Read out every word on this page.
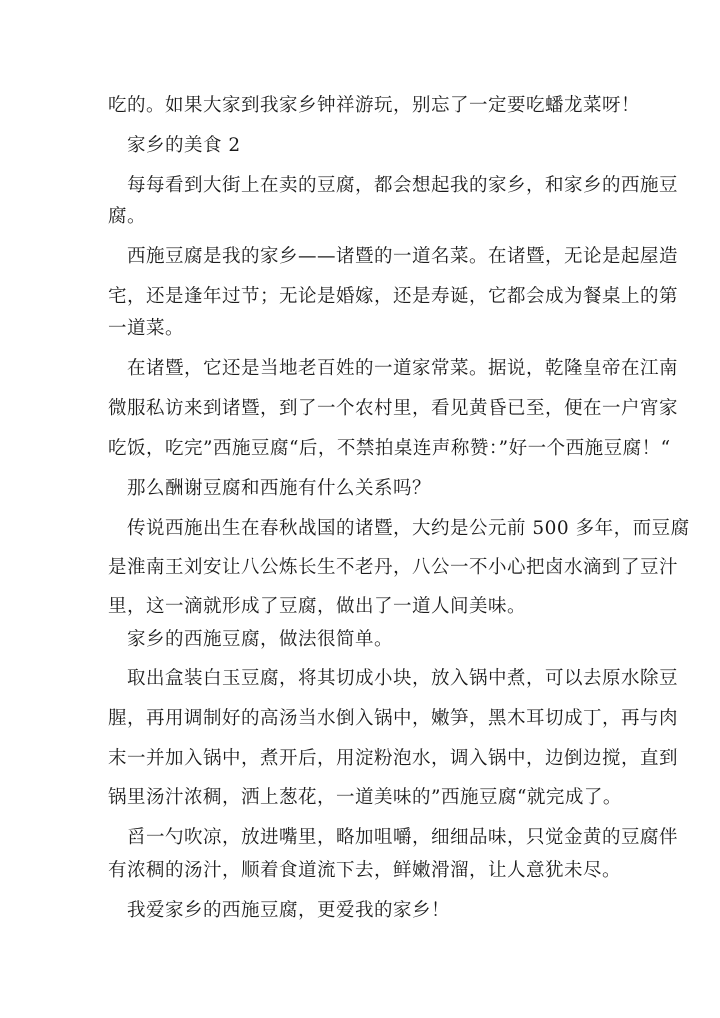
吃的。如果大家到我家乡钟祥游玩，别忘了一定要吃蟠龙菜呀！
家乡的美食 2
每每看到大街上在卖的豆腐，都会想起我的家乡，和家乡的西施豆
腐。
西施豆腐是我的家乡——诸暨的一道名菜。在诸暨，无论是起屋造
宅，还是逢年过节；无论是婚嫁，还是寿诞，它都会成为餐桌上的第
一道菜。
在诸暨，它还是当地老百姓的一道家常菜。据说，乾隆皇帝在江南
微服私访来到诸暨，到了一个农村里，看见黄昏已至，便在一户宵家
吃饭，吃完”西施豆腐“后，不禁拍桌连声称赞：”好一个西施豆腐！“
那么酬谢豆腐和西施有什么关系吗？
传说西施出生在春秋战国的诸暨，大约是公元前 500 多年，而豆腐
是淮南王刘安让八公炼长生不老丹，八公一不小心把卤水滴到了豆汁
里，这一滴就形成了豆腐，做出了一道人间美味。
家乡的西施豆腐，做法很简单。
取出盒装白玉豆腐，将其切成小块，放入锅中煮，可以去原水除豆
腥，再用调制好的高汤当水倒入锅中，嫩笋，黑木耳切成丁，再与肉
末一并加入锅中，煮开后，用淀粉泡水，调入锅中，边倒边搅，直到
锅里汤汁浓稠，洒上葱花，一道美味的”西施豆腐“就完成了。
舀一勺吹凉，放进嘴里，略加咀嚼，细细品味，只觉金黄的豆腐伴
有浓稠的汤汁，顺着食道流下去，鲜嫩滑溜，让人意犹未尽。
我爱家乡的西施豆腐，更爱我的家乡！
